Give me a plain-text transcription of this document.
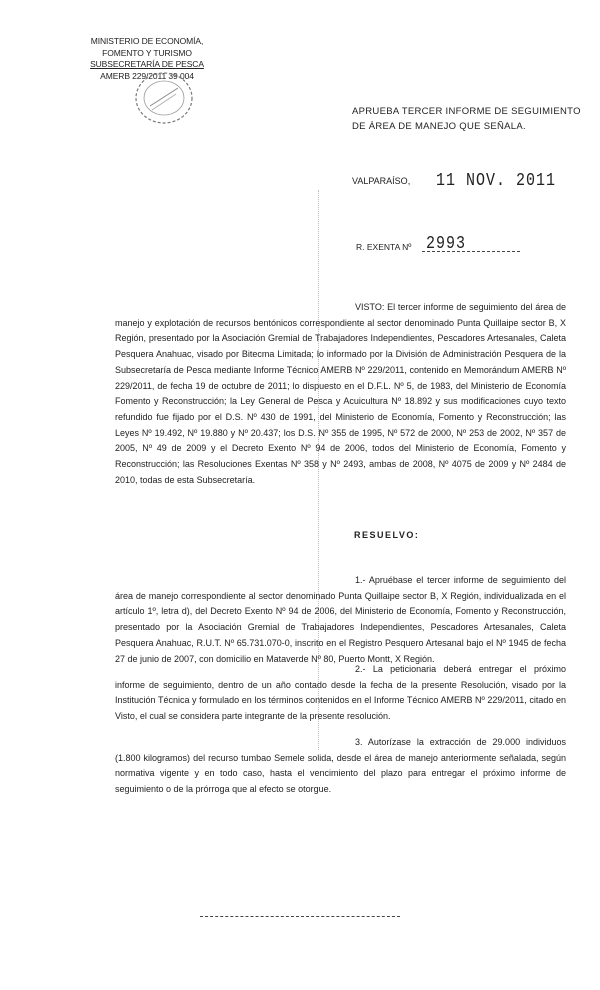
MINISTERIO DE ECONOMÍA,
FOMENTO Y TURISMO
SUBSECRETARÍA DE PESCA
AMERB 229/2011 39 004
APRUEBA TERCER INFORME DE SEGUIMIENTO
DE ÁREA DE MANEJO QUE SEÑALA.
VALPARAÍSO, 11 NOV. 2011
R. EXENTA Nº 2993
VISTO: El tercer informe de seguimiento del área de manejo y explotación de recursos bentónicos correspondiente al sector denominado Punta Quillaipe sector B, X Región, presentado por la Asociación Gremial de Trabajadores Independientes, Pescadores Artesanales, Caleta Pesquera Anahuac, visado por Bitecma Limitada; lo informado por la División de Administración Pesquera de la Subsecretaría de Pesca mediante Informe Técnico AMERB Nº 229/2011, contenido en Memorándum AMERB Nº 229/2011, de fecha 19 de octubre de 2011; lo dispuesto en el D.F.L. Nº 5, de 1983, del Ministerio de Economía Fomento y Reconstrucción; la Ley General de Pesca y Acuicultura Nº 18.892 y sus modificaciones cuyo texto refundido fue fijado por el D.S. Nº 430 de 1991, del Ministerio de Economía, Fomento y Reconstrucción; las Leyes Nº 19.492, Nº 19.880 y Nº 20.437; los D.S. Nº 355 de 1995, Nº 572 de 2000, Nº 253 de 2002, Nº 357 de 2005, Nº 49 de 2009 y el Decreto Exento Nº 94 de 2006, todos del Ministerio de Economía, Fomento y Reconstrucción; las Resoluciones Exentas Nº 358 y Nº 2493, ambas de 2008, Nº 4075 de 2009 y Nº 2484 de 2010, todas de esta Subsecretaría.
RESUELVO:
1.- Apruébase el tercer informe de seguimiento del área de manejo correspondiente al sector denominado Punta Quillaipe sector B, X Región, individualizada en el artículo 1º, letra d), del Decreto Exento Nº 94 de 2006, del Ministerio de Economía, Fomento y Reconstrucción, presentado por la Asociación Gremial de Trabajadores Independientes, Pescadores Artesanales, Caleta Pesquera Anahuac, R.U.T. Nº 65.731.070-0, inscrito en el Registro Pesquero Artesanal bajo el Nº 1945 de fecha 27 de junio de 2007, con domicilio en Mataverde Nº 80, Puerto Montt, X Región.
2.- La peticionaria deberá entregar el próximo informe de seguimiento, dentro de un año contado desde la fecha de la presente Resolución, visado por la Institución Técnica y formulado en los términos contenidos en el Informe Técnico AMERB Nº 229/2011, citado en Visto, el cual se considera parte integrante de la presente resolución.
3. Autorízase la extracción de 29.000 individuos (1.800 kilogramos) del recurso tumbao Semele solida, desde el área de manejo anteriormente señalada, según normativa vigente y en todo caso, hasta el vencimiento del plazo para entregar el próximo informe de seguimiento o de la prórroga que al efecto se otorgue.
